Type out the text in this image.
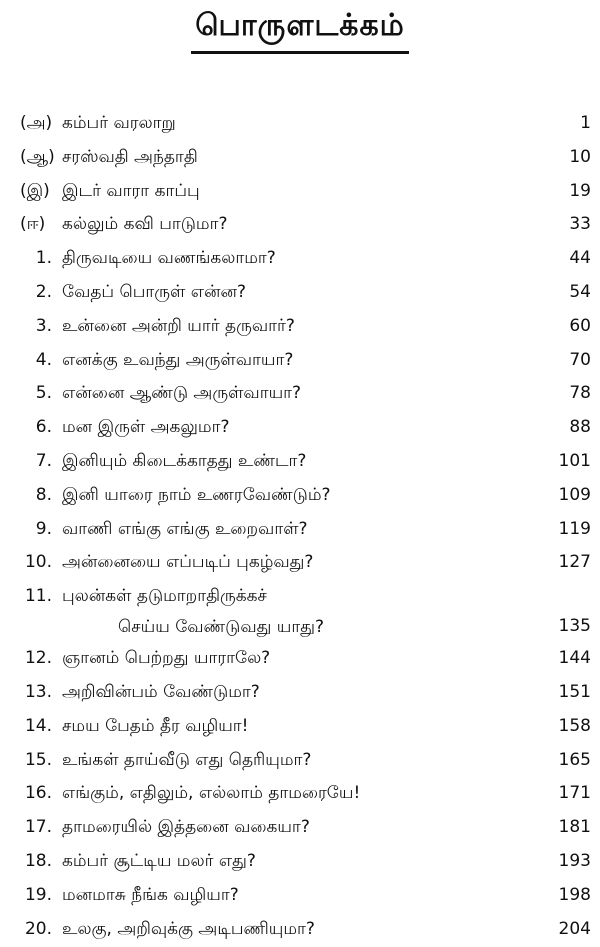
பொருளடக்கம்
(அ) கம்பர் வரலாறு	1
(ஆ) சரஸ்வதி அந்தாதி	10
(இ) இடர் வாரா காப்பு	19
(ஈ) கல்லும் கவி பாடுமா?	33
1. திருவடியை வணங்கலாமா?	44
2. வேதப் பொருள் என்ன?	54
3. உன்னை அன்றி யார் தருவார்?	60
4. எனக்கு உவந்து அருள்வாயா?	70
5. என்னை ஆண்டு அருள்வாயா?	78
6. மன இருள் அகலுமா?	88
7. இனியும் கிடைக்காதது உண்டா?	101
8. இனி யாரை நாம் உணரவேண்டும்?	109
9. வாணி எங்கு எங்கு உறைவாள்?	119
10. அன்னையை எப்படிப் புகழ்வது?	127
11. புலன்கள் தடுமாறாதிருக்கச்
செய்ய வேண்டுவது யாது?	135
12. ஞானம் பெற்றது யாராலே?	144
13. அறிவின்பம் வேண்டுமா?	151
14. சமய பேதம் தீர வழியா!	158
15. உங்கள் தாய்வீடு எது தெரியுமா?	165
16. எங்கும், எதிலும், எல்லாம் தாமரையே!	171
17. தாமரையில் இத்தனை வகையா?	181
18. கம்பர் சூட்டிய மலர் எது?	193
19. மனமாசு நீங்க வழியா?	198
20. உலகு, அறிவுக்கு அடிபணியுமா?	204
